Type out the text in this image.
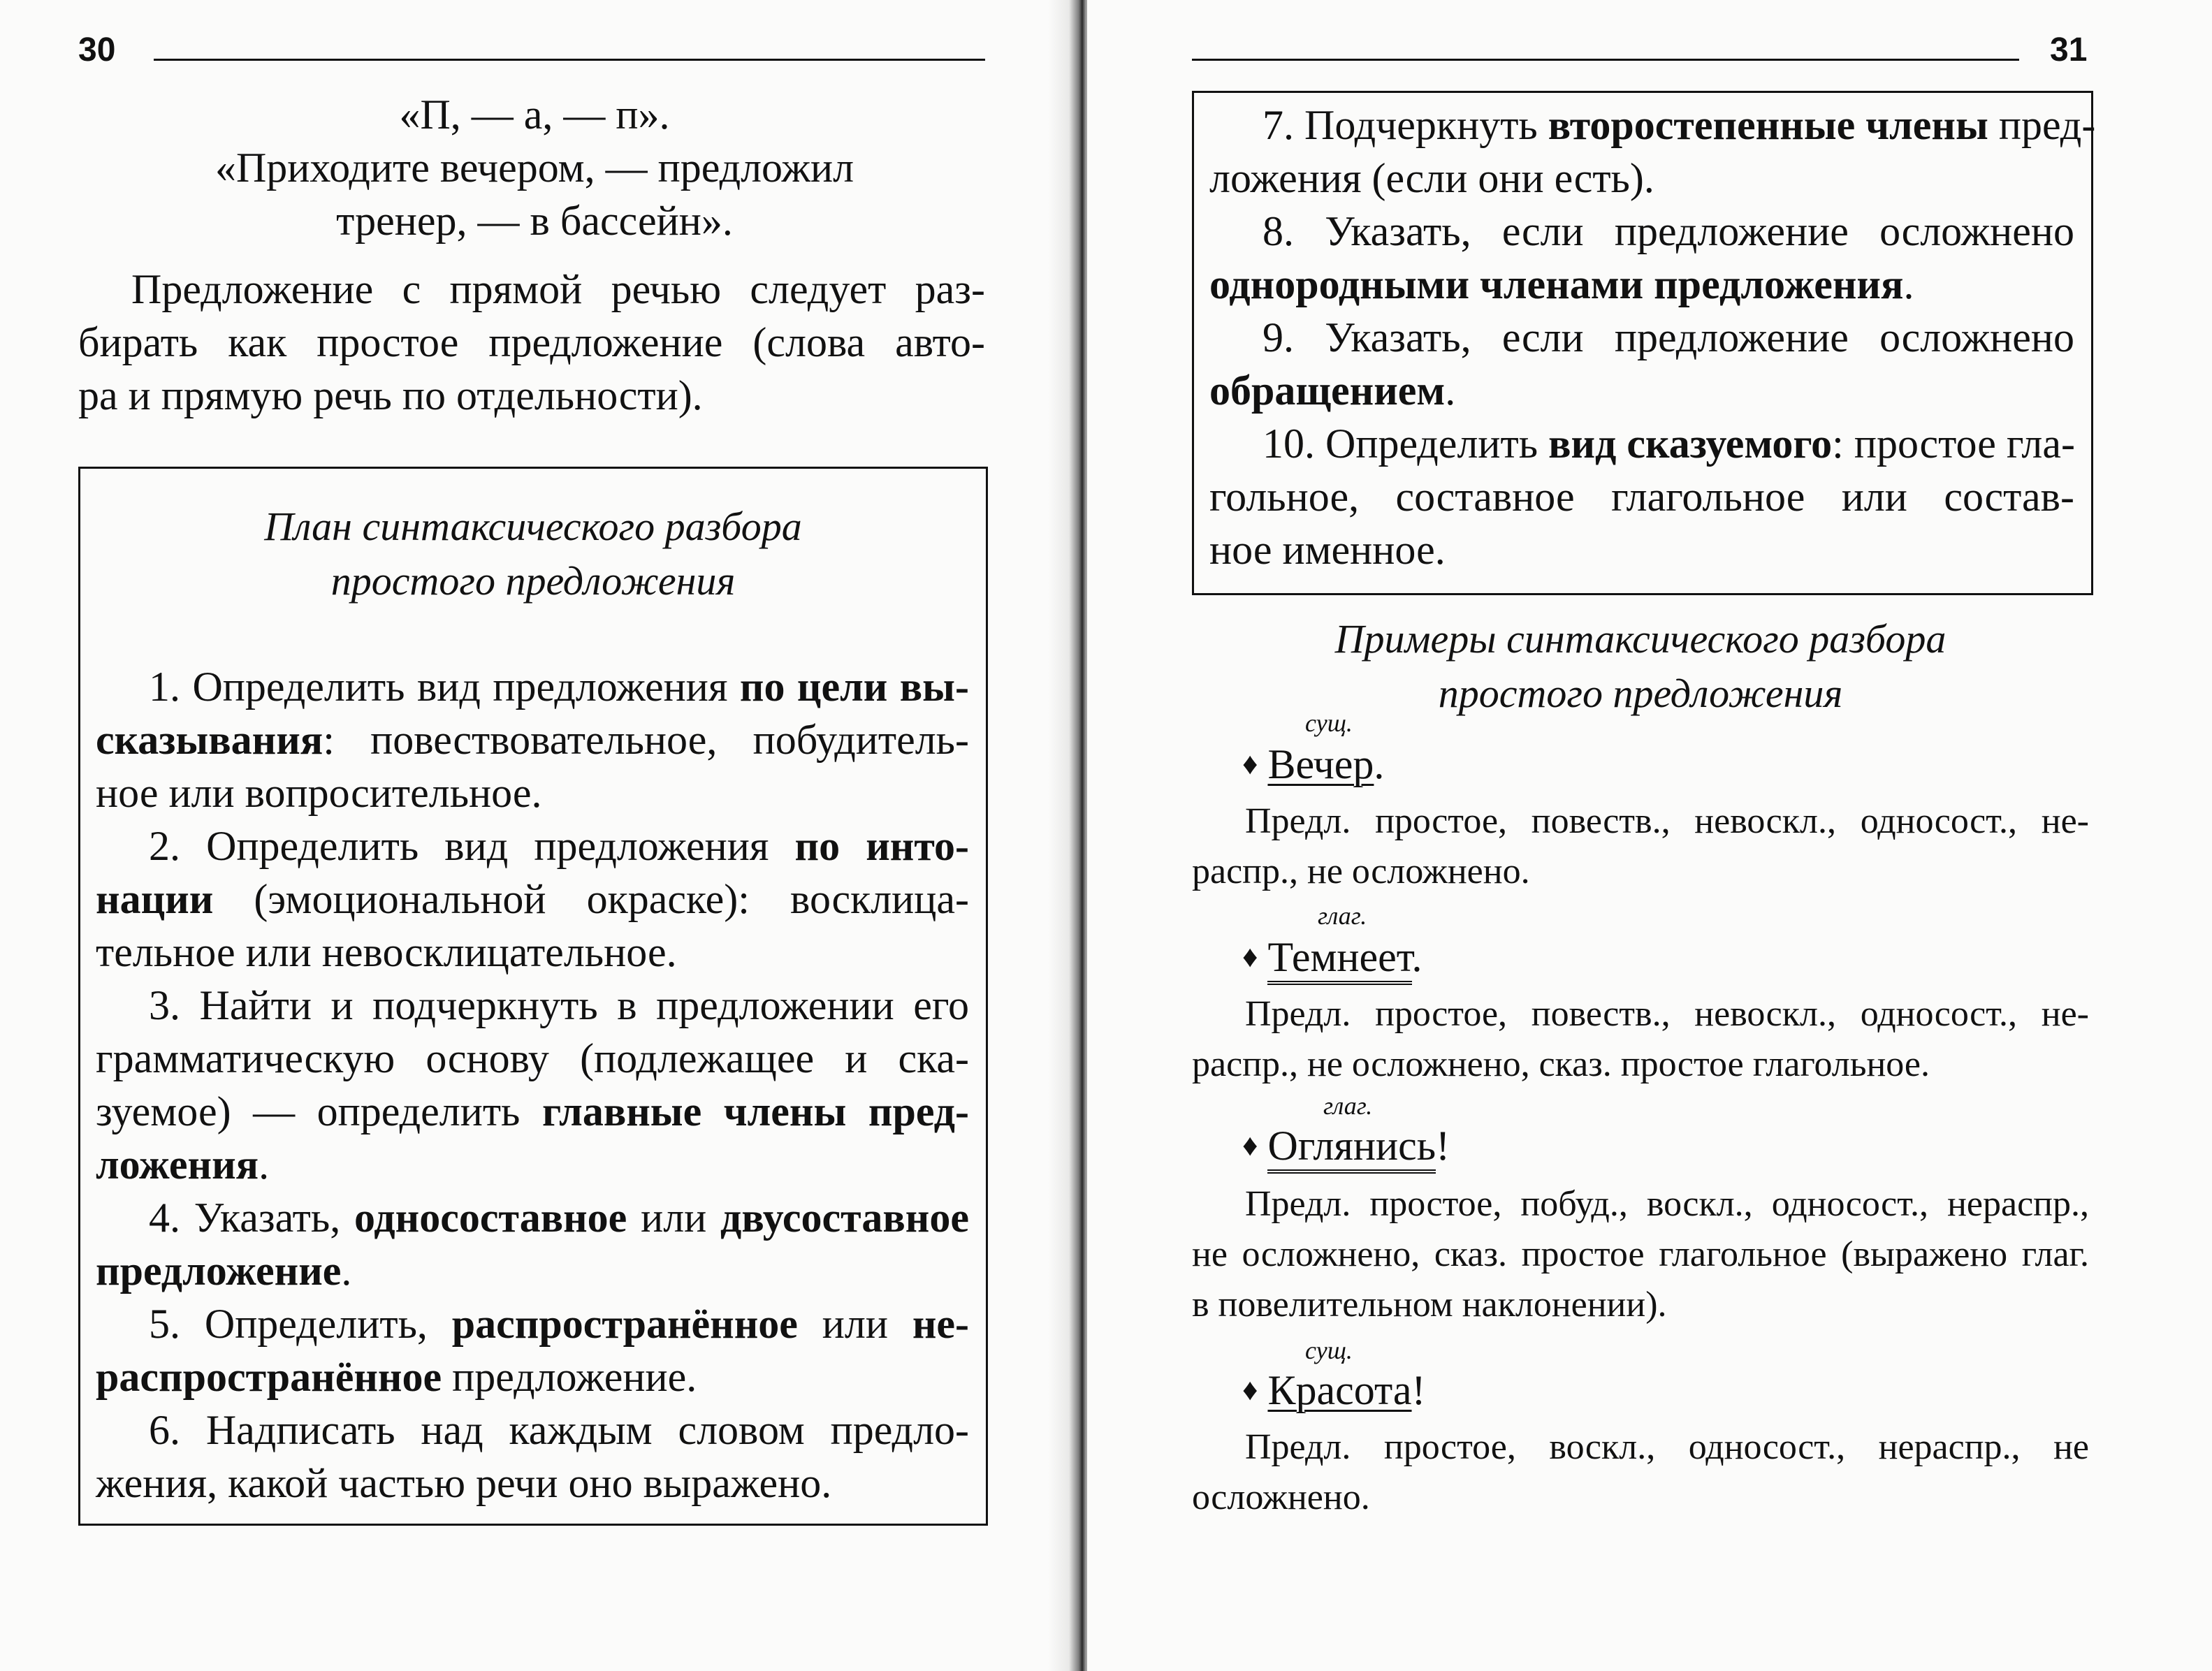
30
«П, — а, — п».
«Приходите вечером, — предложил
тренер, — в бассейн».
Предложение с прямой речью следует раз-
бирать как простое предложение (слова авто-
ра и прямую речь по отдельности).
План синтаксического разбора
простого предложения
1. Определить вид предложения по цели вы-
сказывания: повествовательное, побудитель-
ное или вопросительное.
2. Определить вид предложения по инто-
нации (эмоциональной окраске): восклица-
тельное или невосклицательное.
3. Найти и подчеркнуть в предложении его
грамматическую основу (подлежащее и ска-
зуемое) — определить главные члены пред-
ложения.
4. Указать, односоставное или двусоставное
предложение.
5. Определить, распространённое или не-
распространённое предложение.
6. Надписать над каждым словом предло-
жения, какой частью речи оно выражено.
31
7. Подчеркнуть второстепенные члены пред-
ложения (если они есть).
8. Указать, если предложение осложнено
однородными членами предложения.
9. Указать, если предложение осложнено
обращением.
10. Определить вид сказуемого: простое гла-
гольное, составное глагольное или состав-
ное именное.
Примеры синтаксического разбора
простого предложения
сущ.
♦ Вечер.
Предл. простое, повеств., невоскл., односост., не-
распр., не осложнено.
глаг.
♦ Темнеет.
Предл. простое, повеств., невоскл., односост., не-
распр., не осложнено, сказ. простое глагольное.
глаг.
♦ Оглянись!
Предл. простое, побуд., воскл., односост., нераспр.,
не осложнено, сказ. простое глагольное (выражено глаг.
в повелительном наклонении).
сущ.
♦ Красота!
Предл. простое, воскл., односост., нераспр., не
осложнено.
